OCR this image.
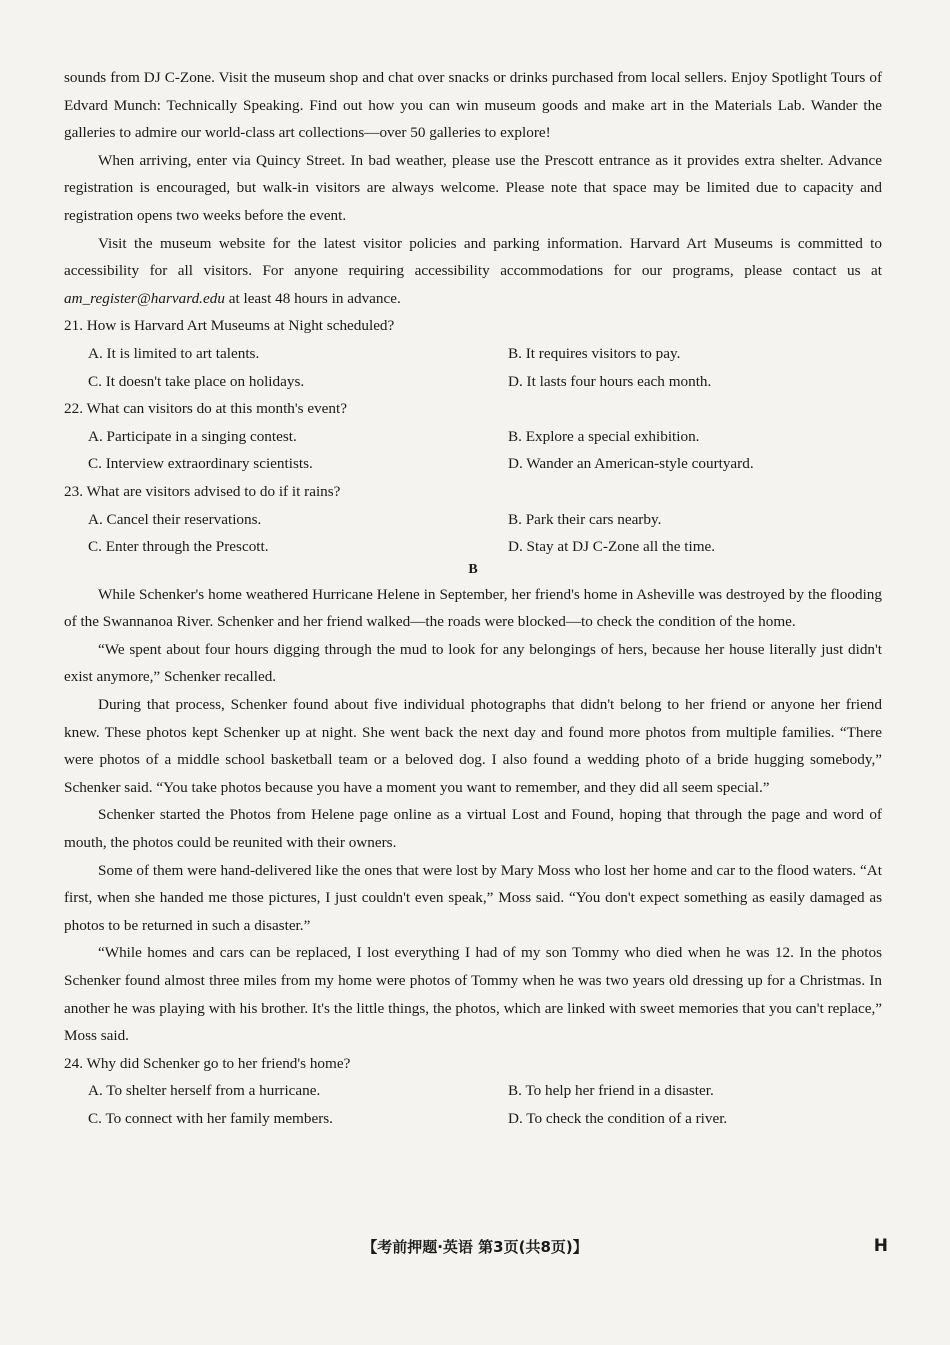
sounds from DJ C-Zone. Visit the museum shop and chat over snacks or drinks purchased from local sellers. Enjoy Spotlight Tours of Edvard Munch: Technically Speaking. Find out how you can win museum goods and make art in the Materials Lab. Wander the galleries to admire our world-class art collections—over 50 galleries to explore!

When arriving, enter via Quincy Street. In bad weather, please use the Prescott entrance as it provides extra shelter. Advance registration is encouraged, but walk-in visitors are always welcome. Please note that space may be limited due to capacity and registration opens two weeks before the event.

Visit the museum website for the latest visitor policies and parking information. Harvard Art Museums is committed to accessibility for all visitors. For anyone requiring accessibility accommodations for our programs, please contact us at am_register@harvard.edu at least 48 hours in advance.

21. How is Harvard Art Museums at Night scheduled?
A. It is limited to art talents.	B. It requires visitors to pay.
C. It doesn't take place on holidays.	D. It lasts four hours each month.
22. What can visitors do at this month's event?
A. Participate in a singing contest.	B. Explore a special exhibition.
C. Interview extraordinary scientists.	D. Wander an American-style courtyard.
23. What are visitors advised to do if it rains?
A. Cancel their reservations.	B. Park their cars nearby.
C. Enter through the Prescott.	D. Stay at DJ C-Zone all the time.
B

While Schenker's home weathered Hurricane Helene in September, her friend's home in Asheville was destroyed by the flooding of the Swannanoa River. Schenker and her friend walked—the roads were blocked—to check the condition of the home.

“We spent about four hours digging through the mud to look for any belongings of hers, because her house literally just didn't exist anymore,” Schenker recalled.

During that process, Schenker found about five individual photographs that didn't belong to her friend or anyone her friend knew. These photos kept Schenker up at night. She went back the next day and found more photos from multiple families. “There were photos of a middle school basketball team or a beloved dog. I also found a wedding photo of a bride hugging somebody,” Schenker said. “You take photos because you have a moment you want to remember, and they did all seem special.”

Schenker started the Photos from Helene page online as a virtual Lost and Found, hoping that through the page and word of mouth, the photos could be reunited with their owners.

Some of them were hand-delivered like the ones that were lost by Mary Moss who lost her home and car to the flood waters. “At first, when she handed me those pictures, I just couldn't even speak,” Moss said. “You don't expect something as easily damaged as photos to be returned in such a disaster.”

“While homes and cars can be replaced, I lost everything I had of my son Tommy who died when he was 12. In the photos Schenker found almost three miles from my home were photos of Tommy when he was two years old dressing up for a Christmas. In another he was playing with his brother. It's the little things, the photos, which are linked with sweet memories that you can't replace,” Moss said.

24. Why did Schenker go to her friend's home?
A. To shelter herself from a hurricane.	B. To help her friend in a disaster.
C. To connect with her family members.	D. To check the condition of a river.
【考前押题·英语 第3页(共8页)】	H
